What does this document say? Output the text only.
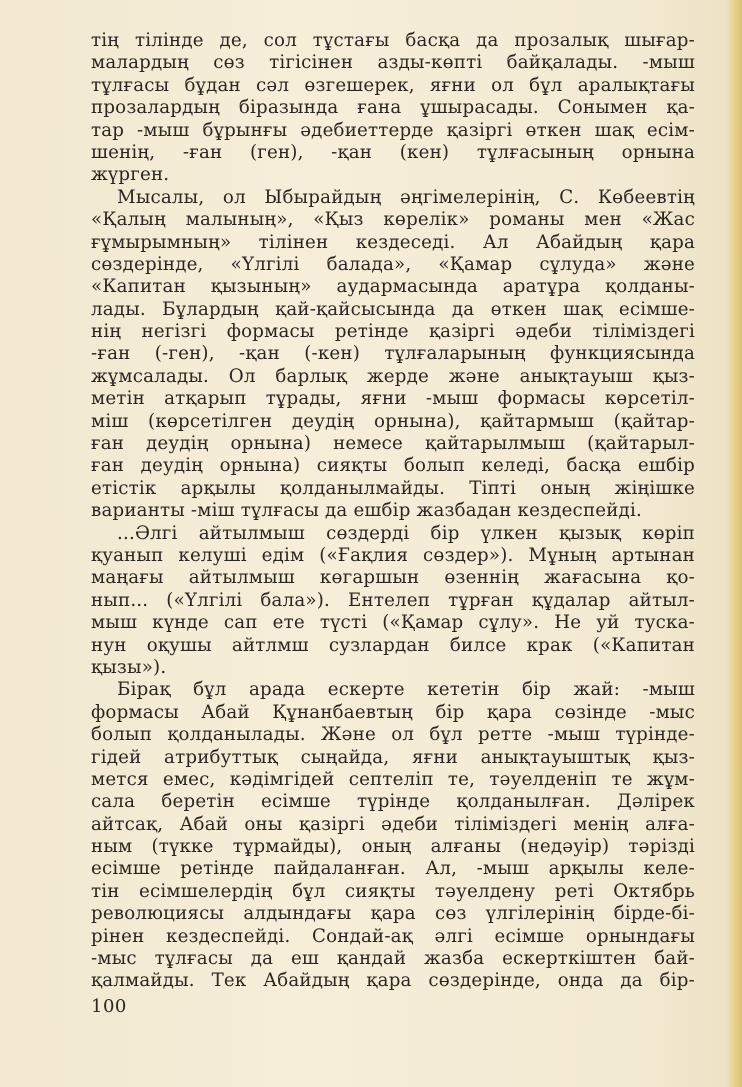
тің тілінде де, сол тұстағы басқа да прозалық шығар-
малардың сөз тігісінен азды-көпті байқалады. -мыш
тұлғасы бұдан сәл өзгешерек, яғни ол бұл аралықтағы
прозалардың біразында ғана ұшырасады. Сонымен қа-
тар -мыш бұрынғы әдебиеттерде қазіргі өткен шақ есім-
шенің, -ған (ген), -қан (кен) тұлғасының орнына
жүрген.

Мысалы, ол Ыбырайдың әңгімелерінің, С. Көбеевтің
«Қалың малының», «Қыз көрелік» романы мен «Жас
ғұмырымның» тілінен кездеседі. Ал Абайдың қара
сөздерінде, «Үлгілі балада», «Қамар сұлуда» және
«Капитан қызының» аудармасында аратұра қолданы-
лады. Бұлардың қай-қайсысында да өткен шақ есімше-
нің негізгі формасы ретінде қазіргі әдеби тіліміздегі
-ған (-ген), -қан (-кен) тұлғаларының функциясында
жұмсалады. Ол барлық жерде және анықтауыш қыз-
метін атқарып тұрады, яғни -мыш формасы көрсетіл-
міш (көрсетілген деудің орнына), қайтармыш (қайтар-
ған деудің орнына) немесе қайтарылмыш (қайтарыл-
ған деудің орнына) сияқты болып келеді, басқа ешбір
етістік арқылы қолданылмайды. Тіпті оның жіңішке
варианты -міш тұлғасы да ешбір жазбадан кездеспейді.

...Әлгі айтылмыш сөздерді бір үлкен қызық көріп
қуанып келуші едім («Ғақлия сөздер»). Мұның артынан
маңағы айтылмыш көгаршын өзеннің жағасына қо-
нып... («Үлгілі бала»). Ентелеп тұрған құдалар айтыл-
мыш күнде сап ете түсті («Қамар сұлу». Не уй туска-
нун оқушы айтлмш сузлардан билсе крак («Капитан
қызы»).

Бірақ бұл арада ескерте кететін бір жай: -мыш
формасы Абай Құнанбаевтың бір қара сөзінде -мыс
болып қолданылады. Және ол бұл ретте -мыш түрінде-
гідей атрибуттық сыңайда, яғни анықтауыштық қыз-
мется емес, кәдімгідей септеліп те, тәуелденіп те жұм-
сала беретін есімше түрінде қолданылған. Дәлірек
айтсақ, Абай оны қазіргі әдеби тіліміздегі менің алға-
ным (түкке тұрмайды), оның алғаны (недәуір) тәрізді
есімше ретінде пайдаланған. Ал, -мыш арқылы келе-
тін есімшелердің бұл сияқты тәуелдену реті Октябрь
революциясы алдындағы қара сөз үлгілерінің бірде-бі-
рінен кездеспейді. Сондай-ақ әлгі есімше орнындағы
-мыс тұлғасы да еш қандай жазба ескерткіштен бай-
қалмайды. Тек Абайдың қара сөздерінде, онда да бір-

100
